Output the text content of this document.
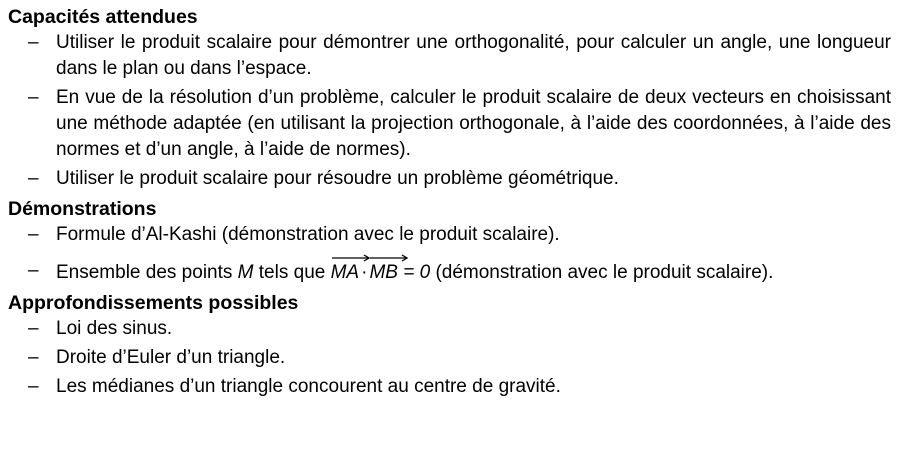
Capacités attendues
– Utiliser le produit scalaire pour démontrer une orthogonalité, pour calculer un angle, une longueur dans le plan ou dans l’espace.
– En vue de la résolution d’un problème, calculer le produit scalaire de deux vecteurs en choisissant une méthode adaptée (en utilisant la projection orthogonale, à l’aide des coordonnées, à l’aide des normes et d’un angle, à l’aide de normes).
– Utiliser le produit scalaire pour résoudre un problème géométrique.
Démonstrations
– Formule d’Al-Kashi (démonstration avec le produit scalaire).
– Ensemble des points M tels que
MA · MB = 0 (démonstration avec le produit scalaire).
Approfondissements possibles
– Loi des sinus.
– Droite d’Euler d’un triangle.
– Les médianes d’un triangle concourent au centre de gravité.
